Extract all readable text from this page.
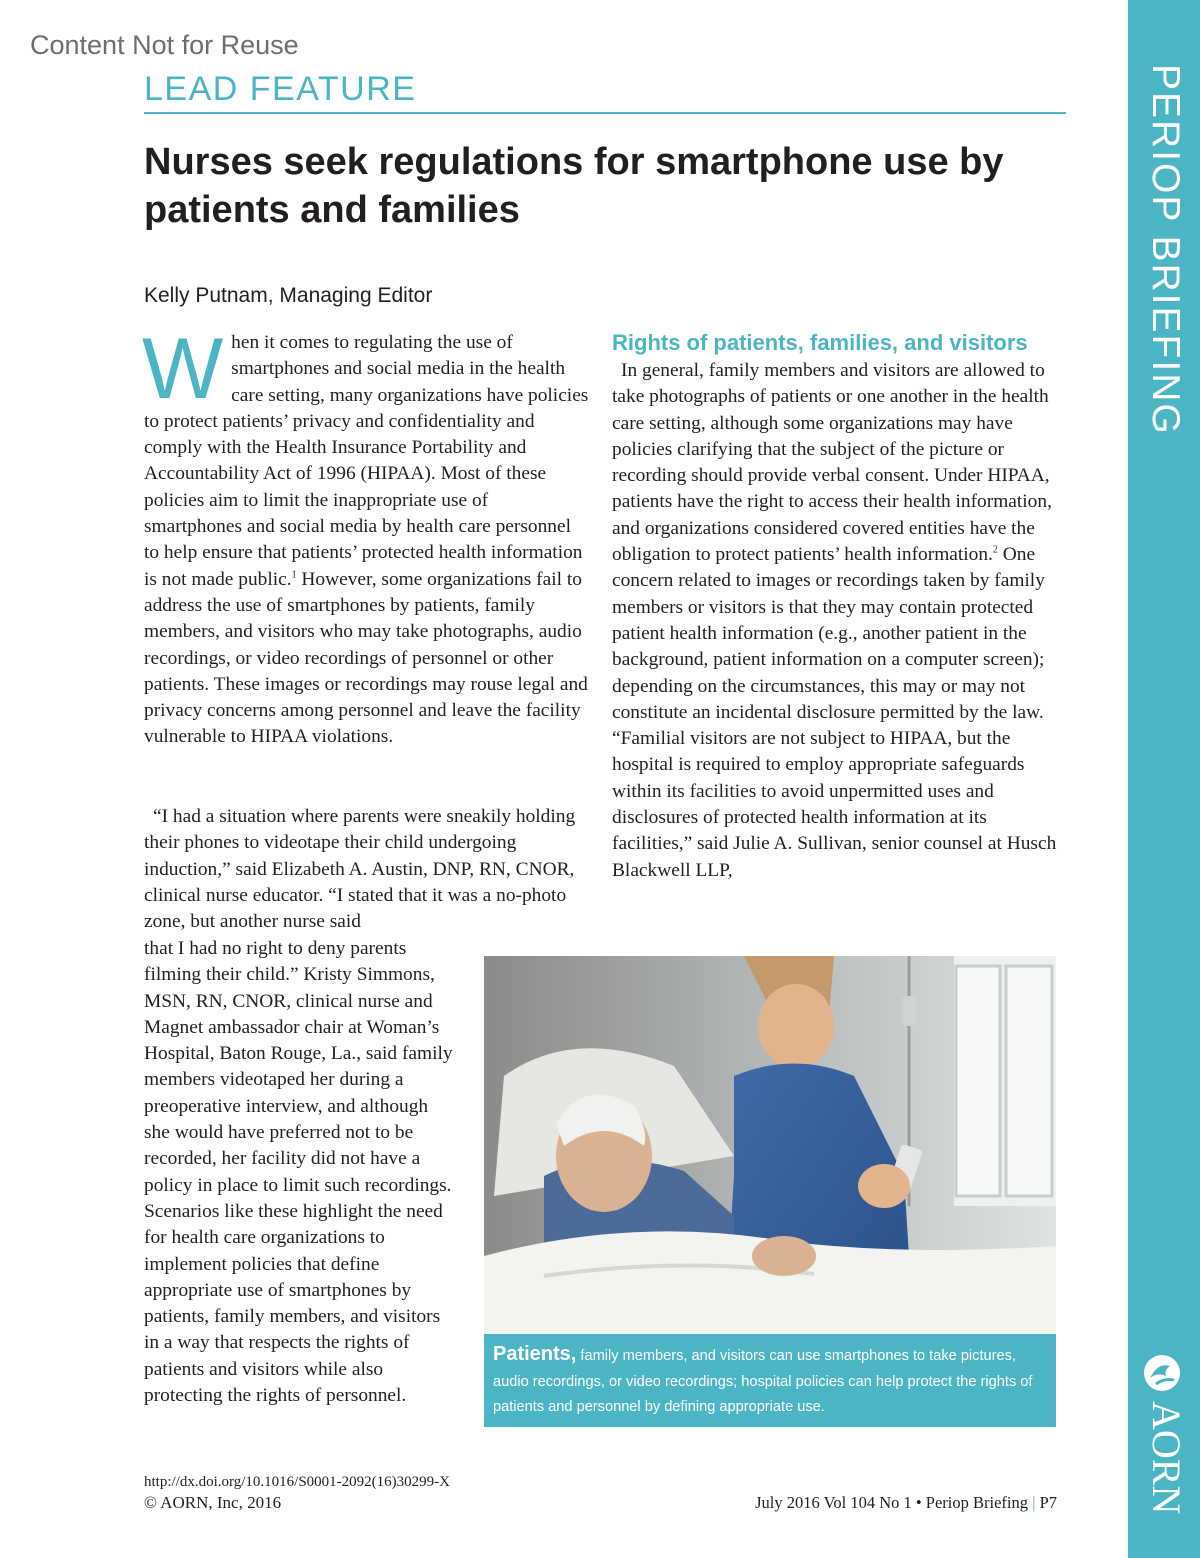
Content Not for Reuse
LEAD FEATURE
Nurses seek regulations for smartphone use by patients and families
Kelly Putnam, Managing Editor
W hen it comes to regulating the use of smartphones and social media in the health care setting, many organizations have policies to protect patients’ privacy and confidentiality and comply with the Health Insurance Portability and Accountability Act of 1996 (HIPAA). Most of these policies aim to limit the inappropriate use of smartphones and social media by health care personnel to help ensure that patients’ protected health information is not made public.$^1$ However, some organizations fail to address the use of smartphones by patients, family members, and visitors who may take photographs, audio recordings, or video recordings of personnel or other patients. These images or recordings may rouse legal and privacy concerns among personnel and leave the facility vulnerable to HIPAA violations.

“I had a situation where parents were sneakily holding their phones to videotape their child undergoing induction,” said Elizabeth A. Austin, DNP, RN, CNOR, clinical nurse educator. “I stated that it was a no-photo zone, but another nurse said

that I had no right to deny parents filming their child.” Kristy Simmons, MSN, RN, CNOR, clinical nurse and Magnet ambassador chair at Woman’s Hospital, Baton Rouge, La., said family members videotaped her during a preoperative interview, and although she would have preferred not to be recorded, her facility did not have a policy in place to limit such recordings. Scenarios like these highlight the need for health care organizations to implement policies that define appropriate use of smartphones by patients, family members, and visitors in a way that respects the rights of patients and visitors while also protecting the rights of personnel.

Rights of patients, families, and visitors

In general, family members and visitors are allowed to take photographs of patients or one another in the health care setting, although some organizations may have policies clarifying that the subject of the picture or recording should provide verbal consent. Under HIPAA, patients have the right to access their health information, and organizations considered covered entities have the obligation to protect patients’ health information.$^2$ One concern related to images or recordings taken by family members or visitors is that they may contain protected patient health information (e.g., another patient in the background, patient information on a computer screen); depending on the circumstances, this may or may not constitute an incidental disclosure permitted by the law. “Familial visitors are not subject to HIPAA, but the hospital is required to employ appropriate safeguards within its facilities to avoid unpermitted uses and disclosures of protected health information at its facilities,” said Julie A. Sullivan, senior counsel at Husch Blackwell LLP,

Patients, family members, and visitors can use smartphones to take pictures, audio recordings, or video recordings; hospital policies can help protect the rights of patients and personnel by defining appropriate use.
http://dx.doi.org/10.1016/S0001-2092(16)30299-X
© AORN, Inc, 2016	July 2016 Vol 104 No 1 • Periop Briefing | P7
PERIOP BRIEFING
AORN
